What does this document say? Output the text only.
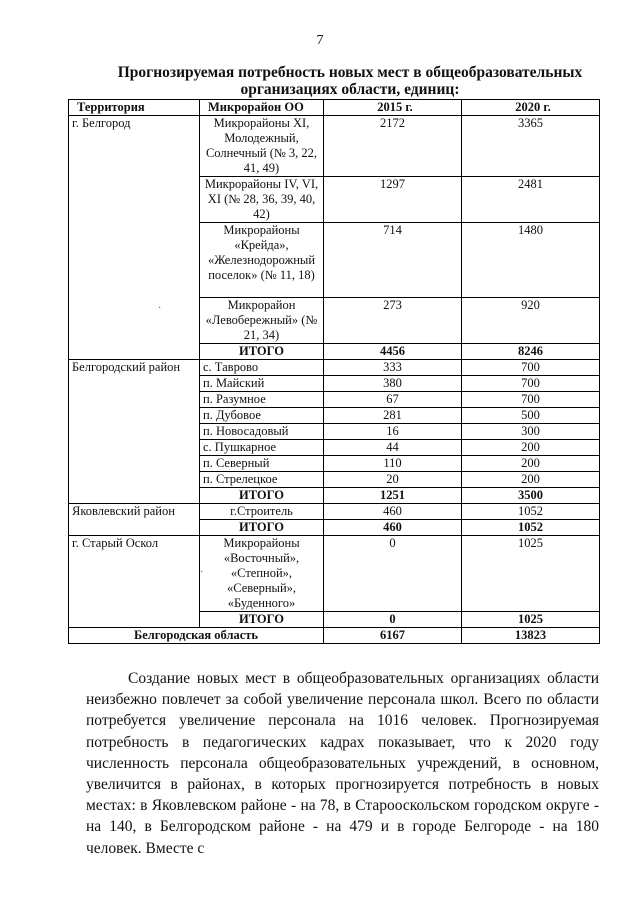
7
Прогнозируемая потребность новых мест в общеобразовательных организациях области, единиц:
Территория	Микрорайон ОО	2015 г.	2020 г.
г. Белгород	Микрорайоны XI, Молодежный, Солнечный (№ 3, 22, 41, 49)	2172	3365
	Микрорайоны IV, VI, XI (№ 28, 36, 39, 40, 42)	1297	2481
	Микрорайоны «Крейда», «Железнодорожный поселок» (№ 11, 18)	714	1480
	Микрорайон «Левобережный» (№ 21, 34)	273	920
	ИТОГО	4456	8246
Белгородский район	с. Таврово	333	700
	п. Майский	380	700
	п. Разумное	67	700
	п. Дубовое	281	500
	п. Новосадовый	16	300
	с. Пушкарное	44	200
	п. Северный	110	200
	п. Стрелецкое	20	200
	ИТОГО	1251	3500
Яковлевский район	г.Строитель	460	1052
	ИТОГО	460	1052
г. Старый Оскол	Микрорайоны «Восточный», «Степной», «Северный», «Буденного»	0	1025
	ИТОГО	0	1025
Белгородская область		6167	13823
·
·
Создание новых мест в общеобразовательных организациях области неизбежно повлечет за собой увеличение персонала школ. Всего по области потребуется увеличение персонала на 1016 человек. Прогнозируемая потребность в педагогических кадрах показывает, что к 2020 году численность персонала общеобразовательных учреждений, в основном, увеличится в районах, в которых прогнозируется потребность в новых местах: в Яковлевском районе - на 78, в Старооскольском городском округе - на 140, в Белгородском районе - на 479 и в городе Белгороде - на 180 человек. Вместе с
